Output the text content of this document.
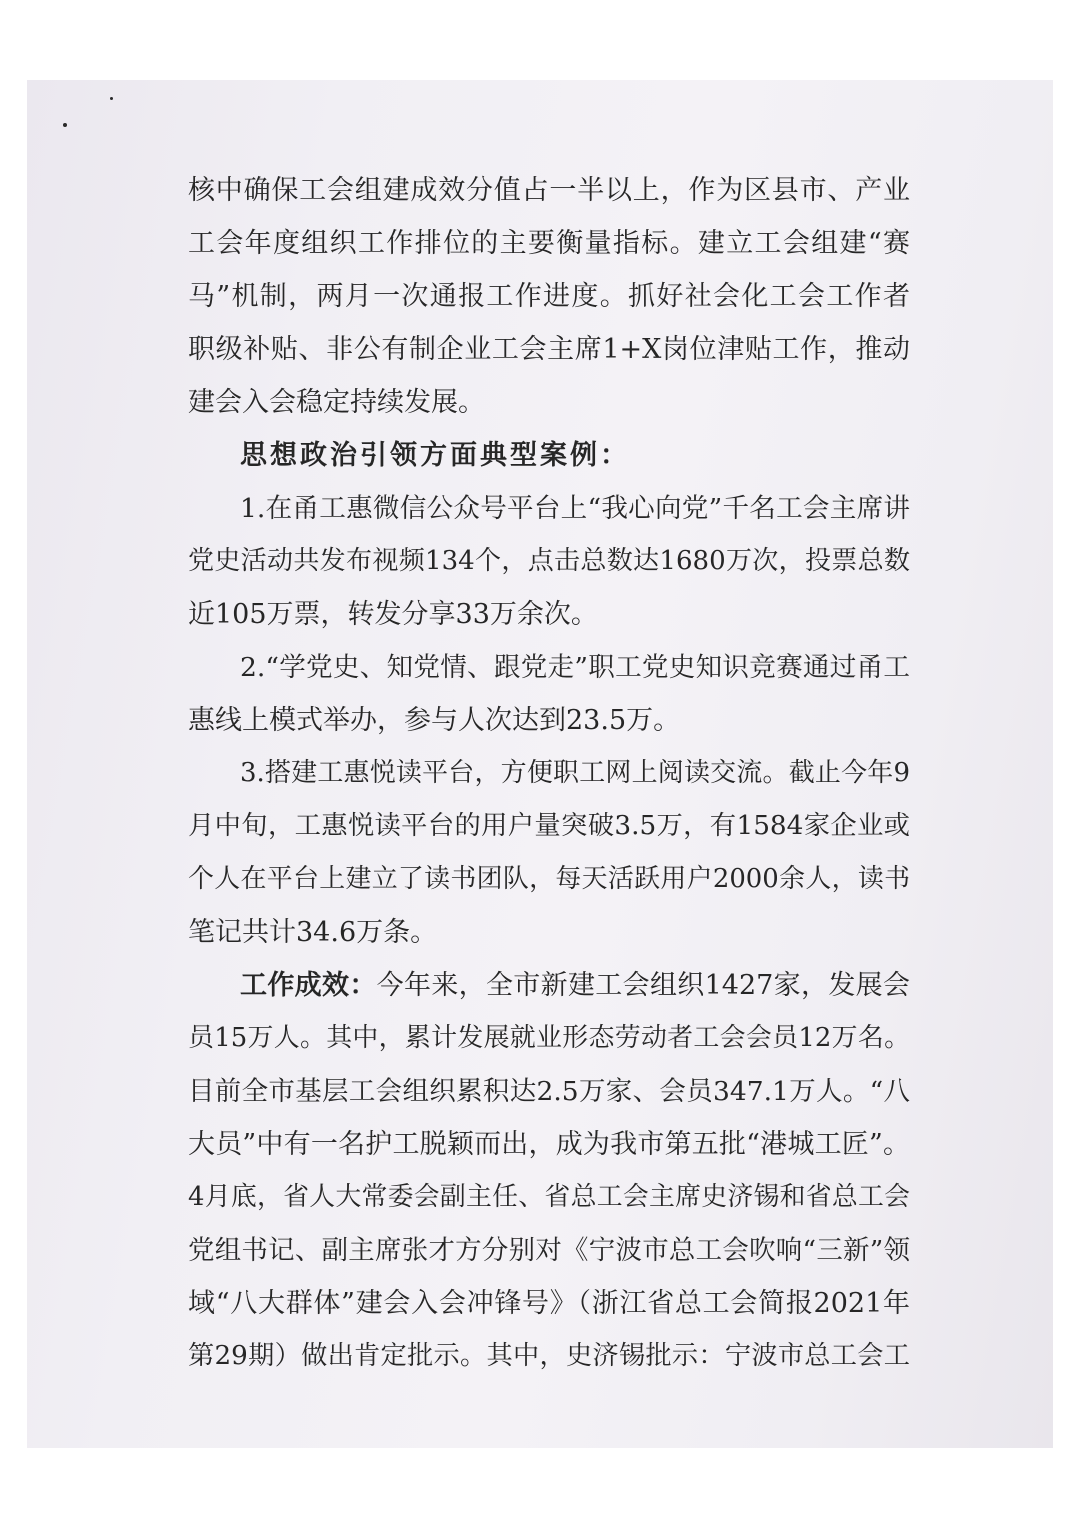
核中确保工会组建成效分值占一半以上，作为区县市、产业
工会年度组织工作排位的主要衡量指标。建立工会组建“赛
马”机制，两月一次通报工作进度。抓好社会化工会工作者
职级补贴、非公有制企业工会主席1+X岗位津贴工作，推动
建会入会稳定持续发展。
思想政治引领方面典型案例：
1.在甬工惠微信公众号平台上“我心向党”千名工会主席讲
党史活动共发布视频134个，点击总数达1680万次，投票总数
近105万票，转发分享33万余次。
2.“学党史、知党情、跟党走”职工党史知识竞赛通过甬工
惠线上模式举办，参与人次达到23.5万。
3.搭建工惠悦读平台，方便职工网上阅读交流。截止今年9
月中旬，工惠悦读平台的用户量突破3.5万，有1584家企业或
个人在平台上建立了读书团队，每天活跃用户2000余人，读书
笔记共计34.6万条。
工作成效：今年来，全市新建工会组织1427家，发展会
员15万人。其中，累计发展就业形态劳动者工会会员12万名。
目前全市基层工会组织累积达2.5万家、会员347.1万人。“八
大员”中有一名护工脱颖而出，成为我市第五批“港城工匠”。
4月底，省人大常委会副主任、省总工会主席史济锡和省总工会
党组书记、副主席张才方分别对《宁波市总工会吹响“三新”领
域“八大群体”建会入会冲锋号》（浙江省总工会简报2021年
第29期）做出肯定批示。其中，史济锡批示：宁波市总工会工
